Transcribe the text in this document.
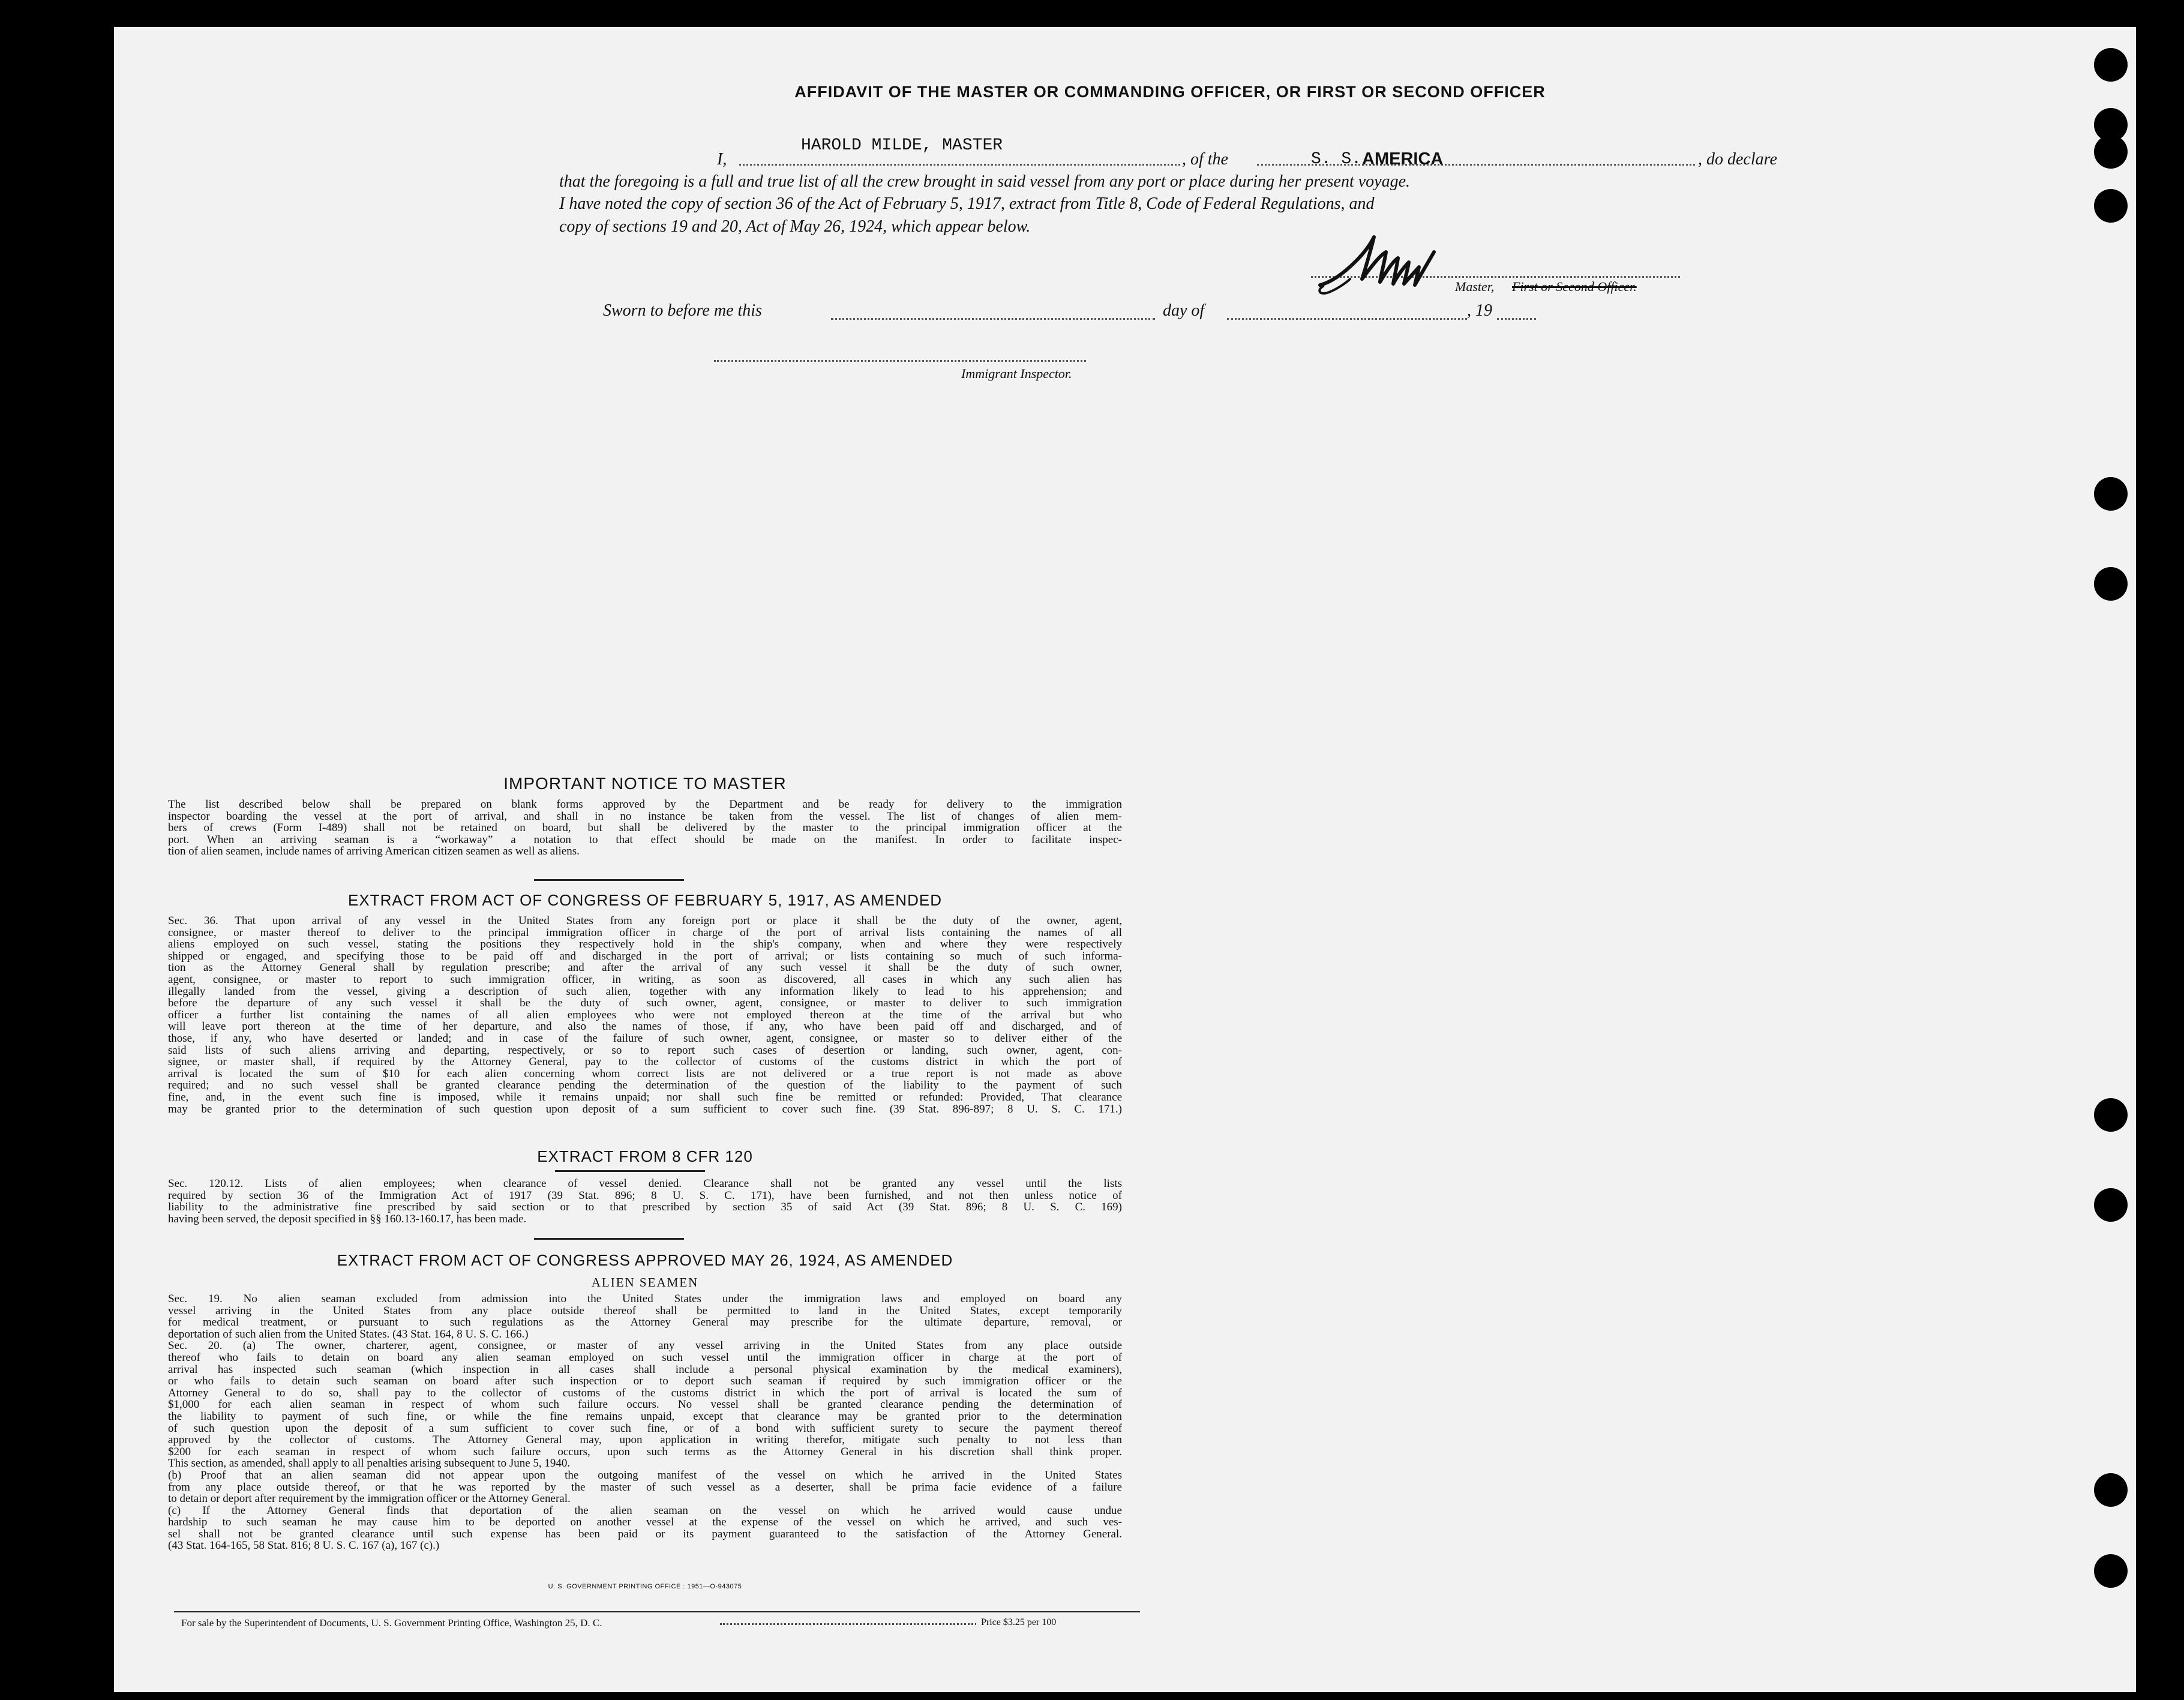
AFFIDAVIT OF THE MASTER OR COMMANDING OFFICER, OR FIRST OR SECOND OFFICER
I,
HAROLD MILDE, MASTER
, of the	S. S. AMERICA	, do declare
that the foregoing is a full and true list of all the crew brought in said vessel from any port or place during her present voyage.
I have noted the copy of section 36 of the Act of February 5, 1917, extract from Title 8, Code of Federal Regulations, and
copy of sections 19 and 20, Act of May 26, 1924, which appear below.
Master, First or Second Officer.
Sworn to before me this	day of	, 19
Immigrant Inspector.
IMPORTANT NOTICE TO MASTER

The list described below shall be prepared on blank forms approved by the Department and be ready for delivery to the immigration

inspector boarding the vessel at the port of arrival, and shall in no instance be taken from the vessel. The list of changes of alien mem-

bers of crews (Form I-489) shall not be retained on board, but shall be delivered by the master to the principal immigration officer at the

port. When an arriving seaman is a “workaway” a notation to that effect should be made on the manifest. In order to facilitate inspec-

tion of alien seamen, include names of arriving American citizen seamen as well as aliens.

EXTRACT FROM ACT OF CONGRESS OF FEBRUARY 5, 1917, AS AMENDED

Sec. 36. That upon arrival of any vessel in the United States from any foreign port or place it shall be the duty of the owner, agent,

consignee, or master thereof to deliver to the principal immigration officer in charge of the port of arrival lists containing the names of all

aliens employed on such vessel, stating the positions they respectively hold in the ship's company, when and where they were respectively

shipped or engaged, and specifying those to be paid off and discharged in the port of arrival; or lists containing so much of such informa-

tion as the Attorney General shall by regulation prescribe; and after the arrival of any such vessel it shall be the duty of such owner,

agent, consignee, or master to report to such immigration officer, in writing, as soon as discovered, all cases in which any such alien has

illegally landed from the vessel, giving a description of such alien, together with any information likely to lead to his apprehension; and

before the departure of any such vessel it shall be the duty of such owner, agent, consignee, or master to deliver to such immigration

officer a further list containing the names of all alien employees who were not employed thereon at the time of the arrival but who

will leave port thereon at the time of her departure, and also the names of those, if any, who have been paid off and discharged, and of

those, if any, who have deserted or landed; and in case of the failure of such owner, agent, consignee, or master so to deliver either of the

said lists of such aliens arriving and departing, respectively, or so to report such cases of desertion or landing, such owner, agent, con-

signee, or master shall, if required by the Attorney General, pay to the collector of customs of the customs district in which the port of

arrival is located the sum of $10 for each alien concerning whom correct lists are not delivered or a true report is not made as above

required; and no such vessel shall be granted clearance pending the determination of the question of the liability to the payment of such

fine, and, in the event such fine is imposed, while it remains unpaid; nor shall such fine be remitted or refunded: Provided, That clearance

may be granted prior to the determination of such question upon deposit of a sum sufficient to cover such fine. (39 Stat. 896-897; 8 U. S. C. 171.)

EXTRACT FROM 8 CFR 120

Sec. 120.12. Lists of alien employees; when clearance of vessel denied. Clearance shall not be granted any vessel until the lists

required by section 36 of the Immigration Act of 1917 (39 Stat. 896; 8 U. S. C. 171), have been furnished, and not then unless notice of

liability to the administrative fine prescribed by said section or to that prescribed by section 35 of said Act (39 Stat. 896; 8 U. S. C. 169)

having been served, the deposit specified in §§ 160.13-160.17, has been made.

EXTRACT FROM ACT OF CONGRESS APPROVED MAY 26, 1924, AS AMENDED
ALIEN SEAMEN

Sec. 19. No alien seaman excluded from admission into the United States under the immigration laws and employed on board any

vessel arriving in the United States from any place outside thereof shall be permitted to land in the United States, except temporarily

for medical treatment, or pursuant to such regulations as the Attorney General may prescribe for the ultimate departure, removal, or

deportation of such alien from the United States. (43 Stat. 164, 8 U. S. C. 166.)

Sec. 20. (a) The owner, charterer, agent, consignee, or master of any vessel arriving in the United States from any place outside

thereof who fails to detain on board any alien seaman employed on such vessel until the immigration officer in charge at the port of

arrival has inspected such seaman (which inspection in all cases shall include a personal physical examination by the medical examiners),

or who fails to detain such seaman on board after such inspection or to deport such seaman if required by such immigration officer or the

Attorney General to do so, shall pay to the collector of customs of the customs district in which the port of arrival is located the sum of

$1,000 for each alien seaman in respect of whom such failure occurs. No vessel shall be granted clearance pending the determination of

the liability to payment of such fine, or while the fine remains unpaid, except that clearance may be granted prior to the determination

of such question upon the deposit of a sum sufficient to cover such fine, or of a bond with sufficient surety to secure the payment thereof

approved by the collector of customs. The Attorney General may, upon application in writing therefor, mitigate such penalty to not less than

$200 for each seaman in respect of whom such failure occurs, upon such terms as the Attorney General in his discretion shall think proper.

This section, as amended, shall apply to all penalties arising subsequent to June 5, 1940.

(b) Proof that an alien seaman did not appear upon the outgoing manifest of the vessel on which he arrived in the United States

from any place outside thereof, or that he was reported by the master of such vessel as a deserter, shall be prima facie evidence of a failure

to detain or deport after requirement by the immigration officer or the Attorney General.

(c) If the Attorney General finds that deportation of the alien seaman on the vessel on which he arrived would cause undue

hardship to such seaman he may cause him to be deported on another vessel at the expense of the vessel on which he arrived, and such ves-

sel shall not be granted clearance until such expense has been paid or its payment guaranteed to the satisfaction of the Attorney General.

(43 Stat. 164-165, 58 Stat. 816; 8 U. S. C. 167 (a), 167 (c).)

U. S. GOVERNMENT PRINTING OFFICE : 1951—O-943075
For sale by the Superintendent of Documents, U. S. Government Printing Office, Washington 25, D. C.	Price $3.25 per 100
